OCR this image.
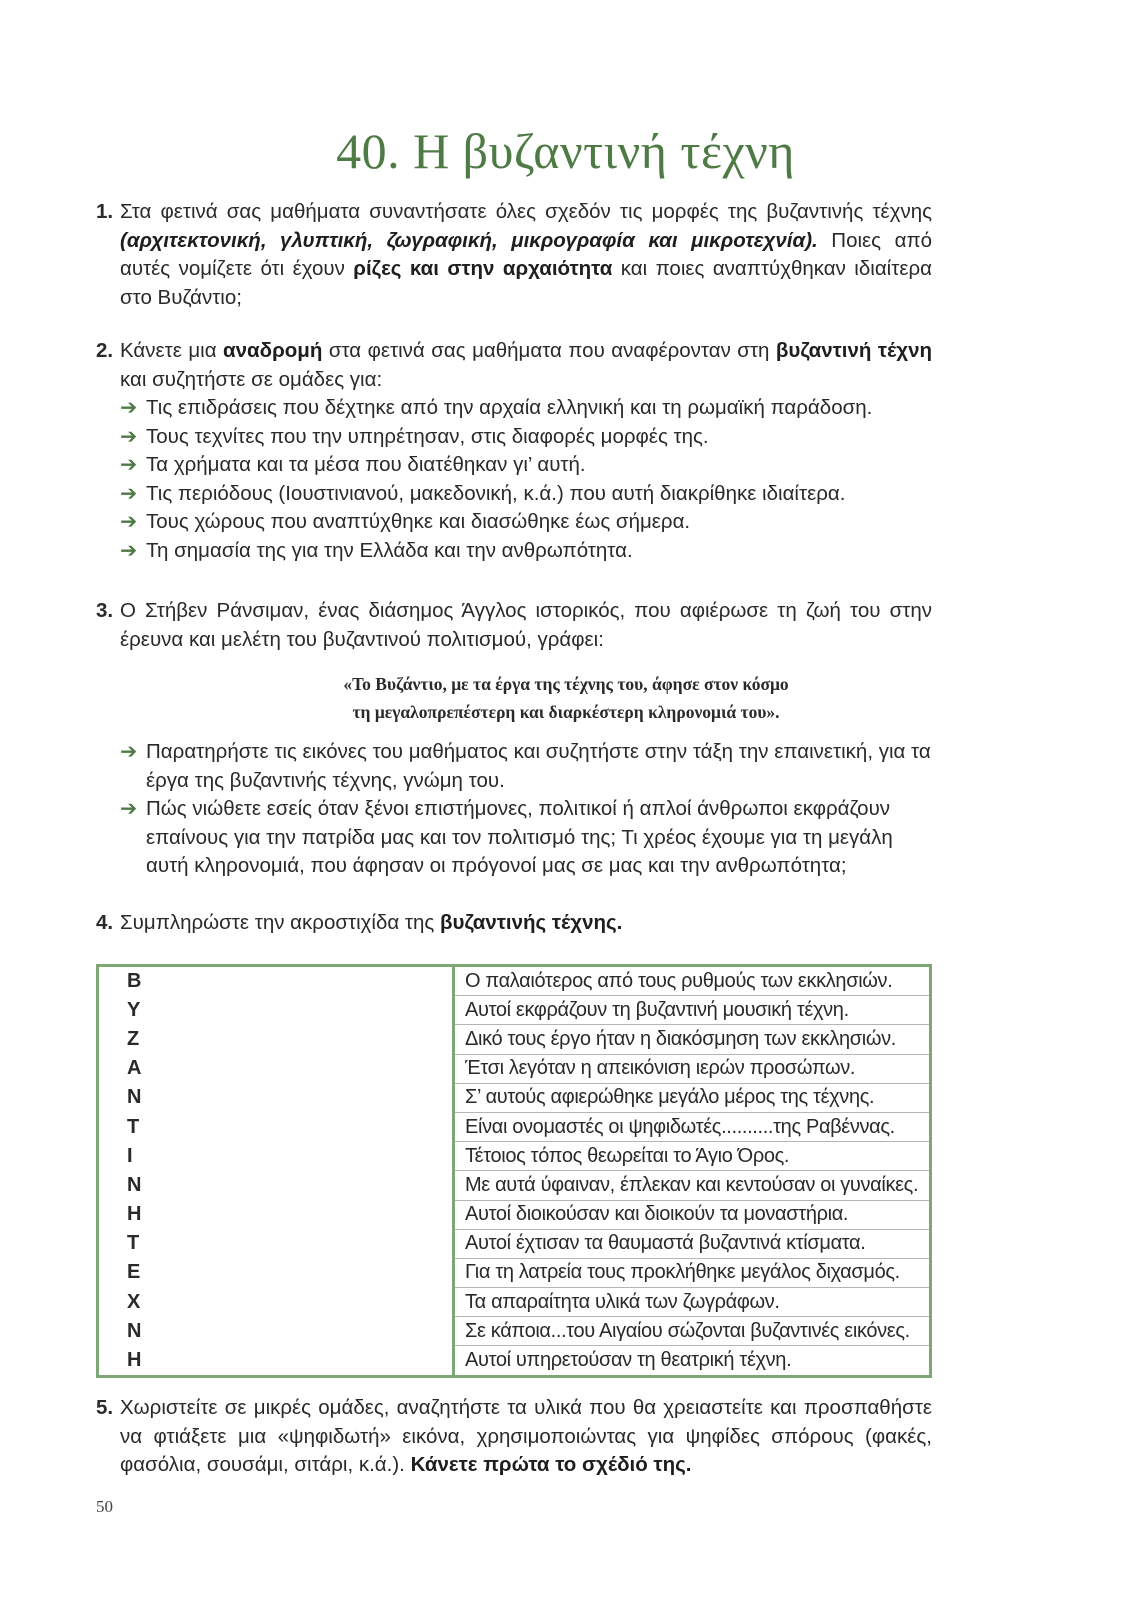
40. Η βυζαντινή τέχνη
1. Στα φετινά σας μαθήματα συναντήσατε όλες σχεδόν τις μορφές της βυζαντινής τέχνης (αρχιτεκτονική, γλυπτική, ζωγραφική, μικρογραφία και μικροτεχνία). Ποιες από αυτές νομίζετε ότι έχουν ρίζες και στην αρχαιότητα και ποιες αναπτύχθηκαν ιδιαίτερα στο Βυζάντιο;

2. Κάνετε μια αναδρομή στα φετινά σας μαθήματα που αναφέρονταν στη βυζαντινή τέχνη και συζητήστε σε ομάδες για:

➔ Τις επιδράσεις που δέχτηκε από την αρχαία ελληνική και τη ρωμαϊκή παράδοση.
➔ Τους τεχνίτες που την υπηρέτησαν, στις διαφορές μορφές της.
➔ Τα χρήματα και τα μέσα που διατέθηκαν γι’ αυτή.
➔ Τις περιόδους (Ιουστινιανού, μακεδονική, κ.ά.) που αυτή διακρίθηκε ιδιαίτερα.
➔ Τους χώρους που αναπτύχθηκε και διασώθηκε έως σήμερα.
➔ Τη σημασία της για την Ελλάδα και την ανθρωπότητα.
3. Ο Στήβεν Ράνσιμαν, ένας διάσημος Άγγλος ιστορικός, που αφιέρωσε τη ζωή του στην έρευνα και μελέτη του βυζαντινού πολιτισμού, γράφει:

«Το Βυζάντιο, με τα έργα της τέχνης του, άφησε στον κόσμο
τη μεγαλοπρεπέστερη και διαρκέστερη κληρονομιά του».
➔ Παρατηρήστε τις εικόνες του μαθήματος και συζητήστε στην τάξη την επαινετική, για τα έργα της βυζαντινής τέχνης, γνώμη του.
➔ Πώς νιώθετε εσείς όταν ξένοι επιστήμονες, πολιτικοί ή απλοί άνθρωποι εκφράζουν επαίνους για την πατρίδα μας και τον πολιτισμό της; Τι χρέος έχουμε για τη μεγάλη αυτή κληρονομιά, που άφησαν οι πρόγονοί μας σε μας και την ανθρωπότητα;
4. Συμπληρώστε την ακροστιχίδα της βυζαντινής τέχνης.

Β	Ο παλαιότερος από τους ρυθμούς των εκκλησιών.
Υ	Αυτοί εκφράζουν τη βυζαντινή μουσική τέχνη.
Ζ	Δικό τους έργο ήταν η διακόσμηση των εκκλησιών.
Α	Έτσι λεγόταν η απεικόνιση ιερών προσώπων.
Ν	Σ’ αυτούς αφιερώθηκε μεγάλο μέρος της τέχνης.
Τ	Είναι ονομαστές οι ψηφιδωτές..........της Ραβέννας.
Ι	Τέτοιος τόπος θεωρείται το Άγιο Όρος.
Ν	Με αυτά ύφαιναν, έπλεκαν και κεντούσαν οι γυναίκες.
Η	Αυτοί διοικούσαν και διοικούν τα μοναστήρια.
Τ	Αυτοί έχτισαν τα θαυμαστά βυζαντινά κτίσματα.
Ε	Για τη λατρεία τους προκλήθηκε μεγάλος διχασμός.
Χ	Τα απαραίτητα υλικά των ζωγράφων.
Ν	Σε κάποια...του Αιγαίου σώζονται βυζαντινές εικόνες.
Η	Αυτοί υπηρετούσαν τη θεατρική τέχνη.
5. Χωριστείτε σε μικρές ομάδες, αναζητήστε τα υλικά που θα χρειαστείτε και προσπαθήστε να φτιάξετε μια «ψηφιδωτή» εικόνα, χρησιμοποιώντας για ψηφίδες σπόρους (φακές, φασόλια, σουσάμι, σιτάρι, κ.ά.). Κάνετε πρώτα το σχέδιό της.

50
